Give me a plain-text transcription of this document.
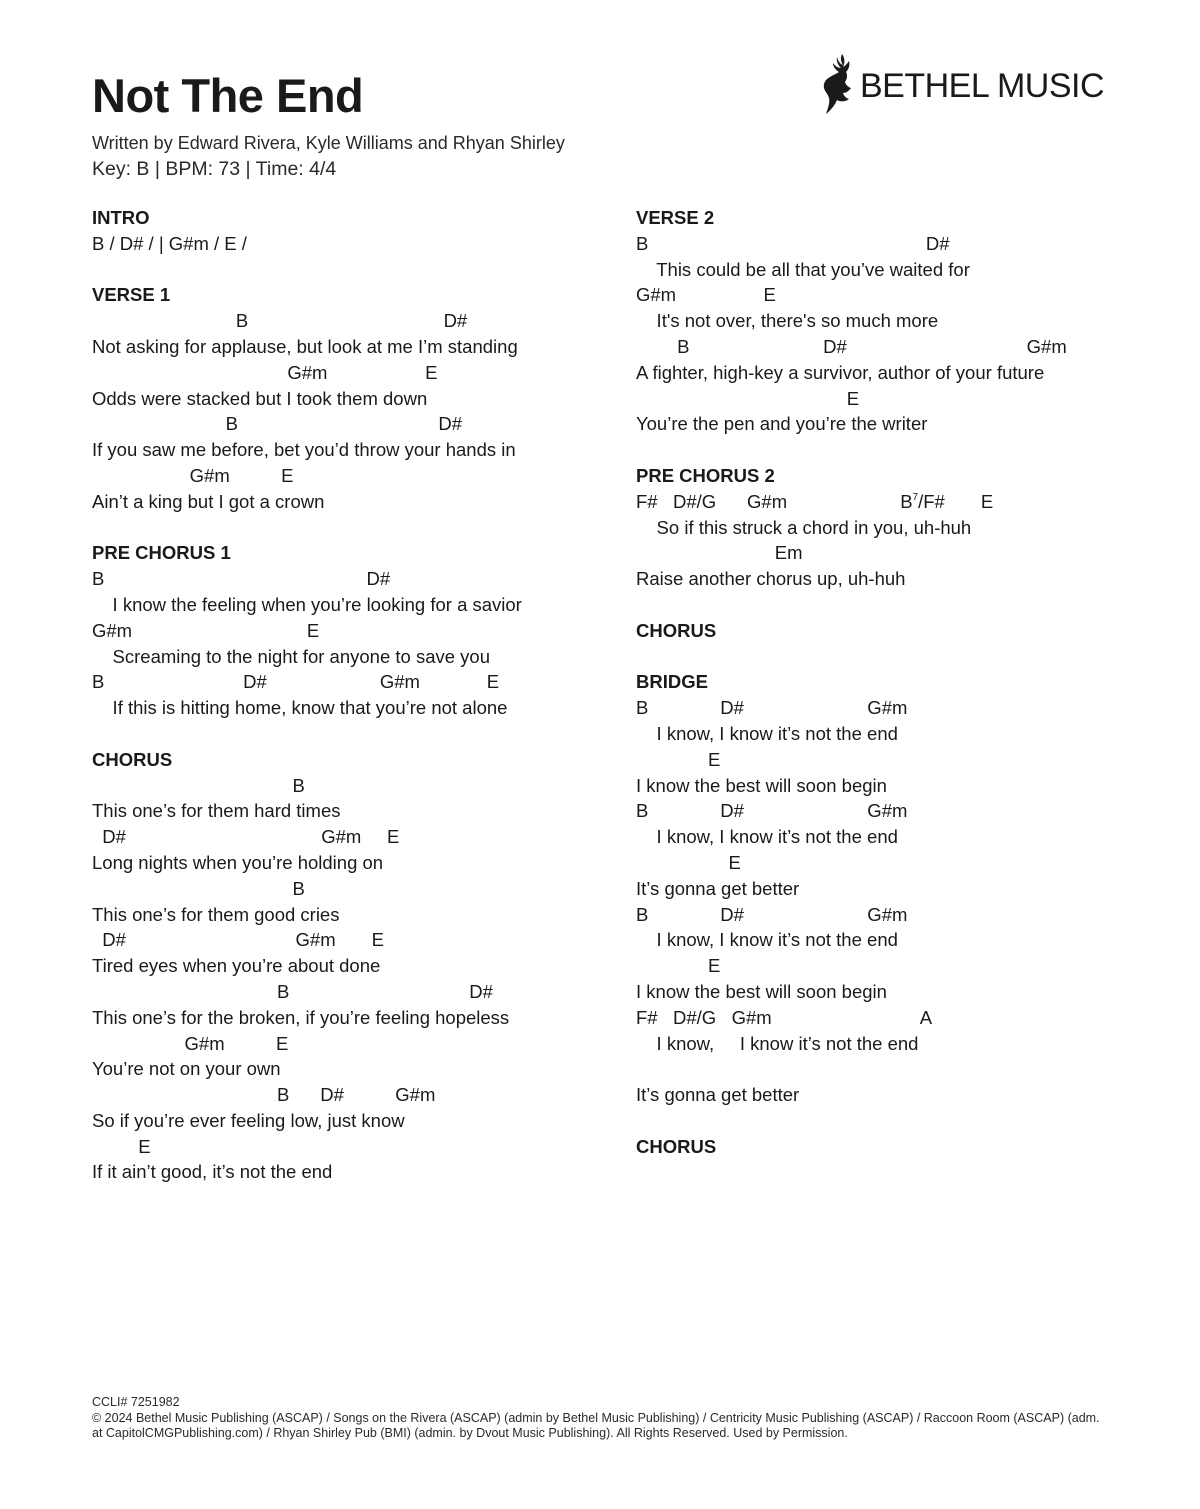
Not The End	BETHEL MUSIC
Written by Edward Rivera, Kyle Williams and Rhyan Shirley
Key: B | BPM: 73 | Time: 4/4
INTRO
B / D# / | G#m / E /
VERSE 1
B                                      D#
Not asking for applause, but look at me I’m standing
G#m                   E
Odds were stacked but I took them down
B                                       D#
If you saw me before, bet you’d throw your hands in
G#m          E
Ain’t a king but I got a crown
PRE CHORUS 1
B                                                   D#
I know the feeling when you’re looking for a savior
G#m                                  E
Screaming to the night for anyone to save you
B                           D#                      G#m             E
If this is hitting home, know that you’re not alone
CHORUS
B
This one’s for them hard times
D#                                      G#m     E
Long nights when you’re holding on
B
This one’s for them good cries
D#                                 G#m       E
Tired eyes when you’re about done
B                                   D#
This one’s for the broken, if you’re feeling hopeless
G#m          E
You’re not on your own
B      D#          G#m
So if you’re ever feeling low, just know
E
If it ain’t good, it’s not the end
VERSE 2
B                                                      D#
This could be all that you’ve waited for
G#m                 E
It's not over, there's so much more
B                          D#                                   G#m
A fighter, high-key a survivor, author of your future
E
You’re the pen and you’re the writer
PRE CHORUS 2
F#   D#/G      G#m                      $B^7/F\#$       E
So if this struck a chord in you, uh-huh
Em
Raise another chorus up, uh-huh
CHORUS
BRIDGE
B              D#                        G#m
I know, I know it’s not the end
E
I know the best will soon begin
B              D#                        G#m
I know, I know it’s not the end
E
It’s gonna get better
B              D#                        G#m
I know, I know it’s not the end
E
I know the best will soon begin
F#   D#/G   G#m                             A
I know,     I know it’s not the end
It’s gonna get better
CHORUS
CCLI# 7251982
© 2024 Bethel Music Publishing (ASCAP) / Songs on the Rivera (ASCAP) (admin by Bethel Music Publishing) / Centricity Music Publishing (ASCAP) / Raccoon Room (ASCAP) (adm. at CapitolCMGPublishing.com) / Rhyan Shirley Pub (BMI) (admin. by Dvout Music Publishing). All Rights Reserved. Used by Permission.
